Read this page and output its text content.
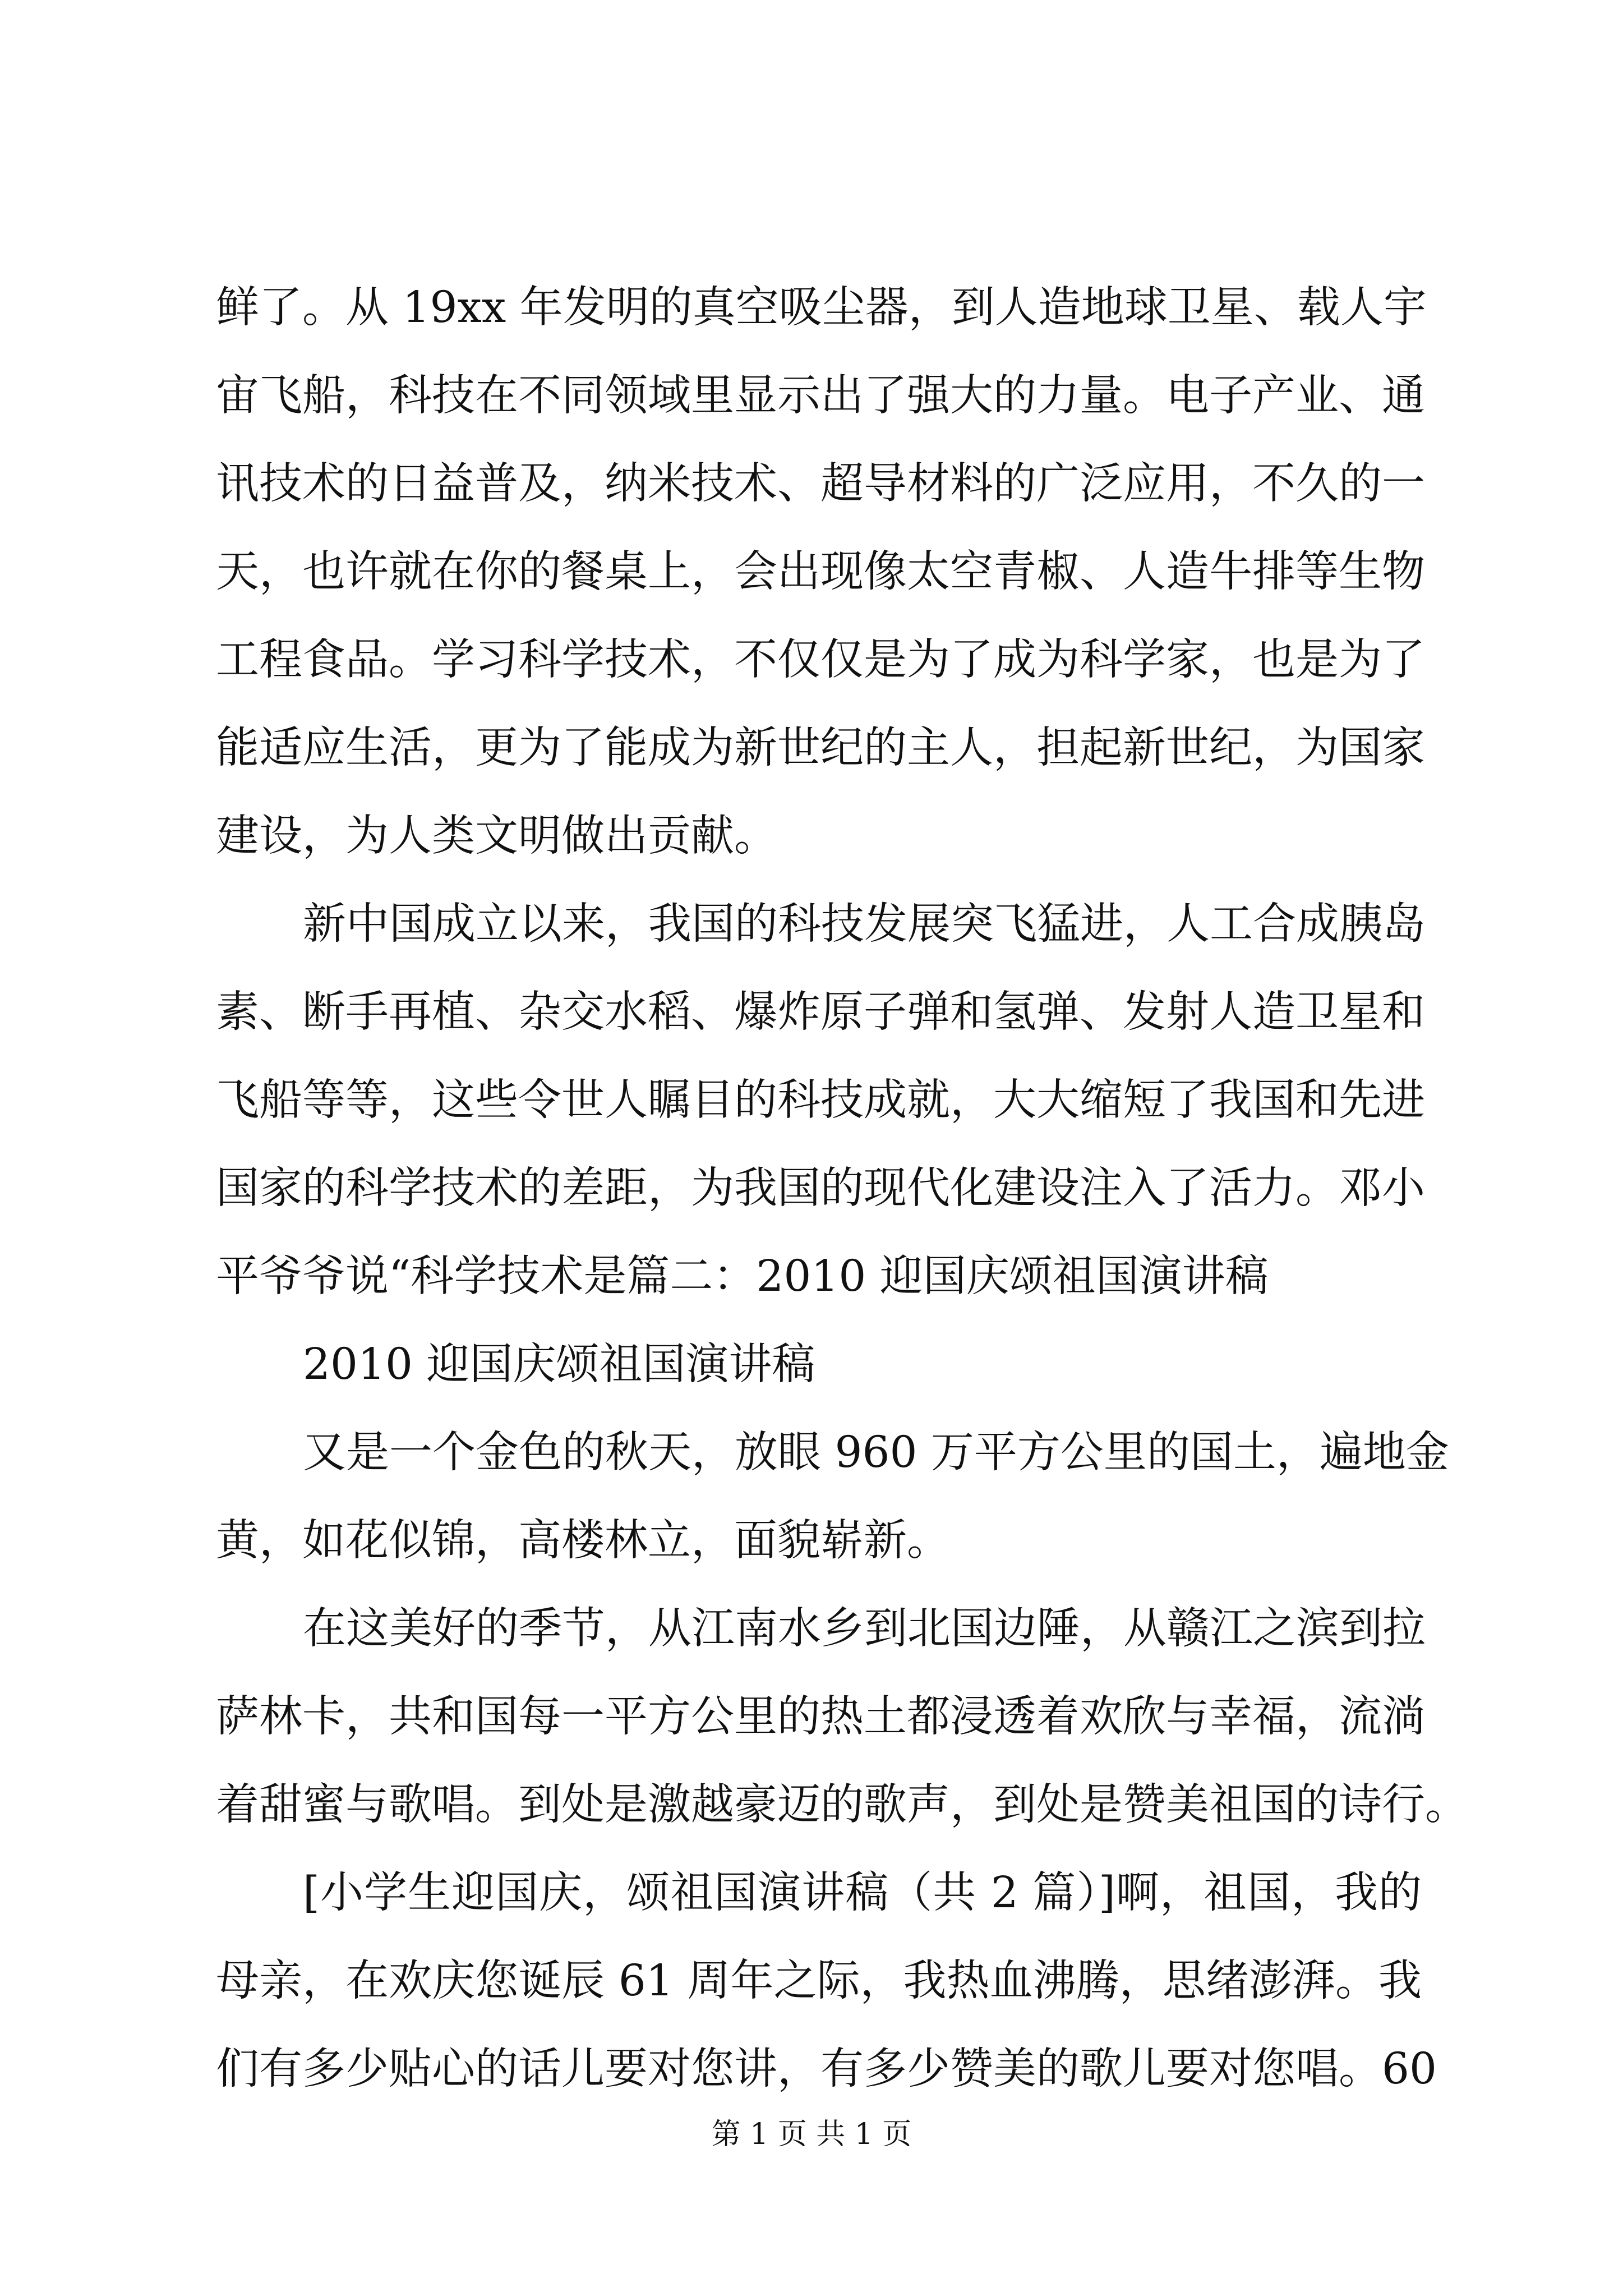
鲜了。从 19xx 年发明的真空吸尘器，到人造地球卫星、载人宇
宙飞船，科技在不同领域里显示出了强大的力量。电子产业、通
讯技术的日益普及，纳米技术、超导材料的广泛应用，不久的一
天，也许就在你的餐桌上，会出现像太空青椒、人造牛排等生物
工程食品。学习科学技术，不仅仅是为了成为科学家，也是为了
能适应生活，更为了能成为新世纪的主人，担起新世纪，为国家
建设，为人类文明做出贡献。
新中国成立以来，我国的科技发展突飞猛进，人工合成胰岛
素、断手再植、杂交水稻、爆炸原子弹和氢弹、发射人造卫星和
飞船等等，这些令世人瞩目的科技成就，大大缩短了我国和先进
国家的科学技术的差距，为我国的现代化建设注入了活力。邓小
平爷爷说“科学技术是篇二：2010 迎国庆颂祖国演讲稿
2010 迎国庆颂祖国演讲稿
又是一个金色的秋天，放眼 960 万平方公里的国土，遍地金
黄，如花似锦，高楼林立，面貌崭新。
在这美好的季节，从江南水乡到北国边陲，从赣江之滨到拉
萨林卡，共和国每一平方公里的热土都浸透着欢欣与幸福，流淌
着甜蜜与歌唱。到处是激越豪迈的歌声，到处是赞美祖国的诗行。
[小学生迎国庆，颂祖国演讲稿（共 2 篇）]啊，祖国，我的
母亲，在欢庆您诞辰 61 周年之际，我热血沸腾，思绪澎湃。我
们有多少贴心的话儿要对您讲，有多少赞美的歌儿要对您唱。60
第 1 页 共 1 页
